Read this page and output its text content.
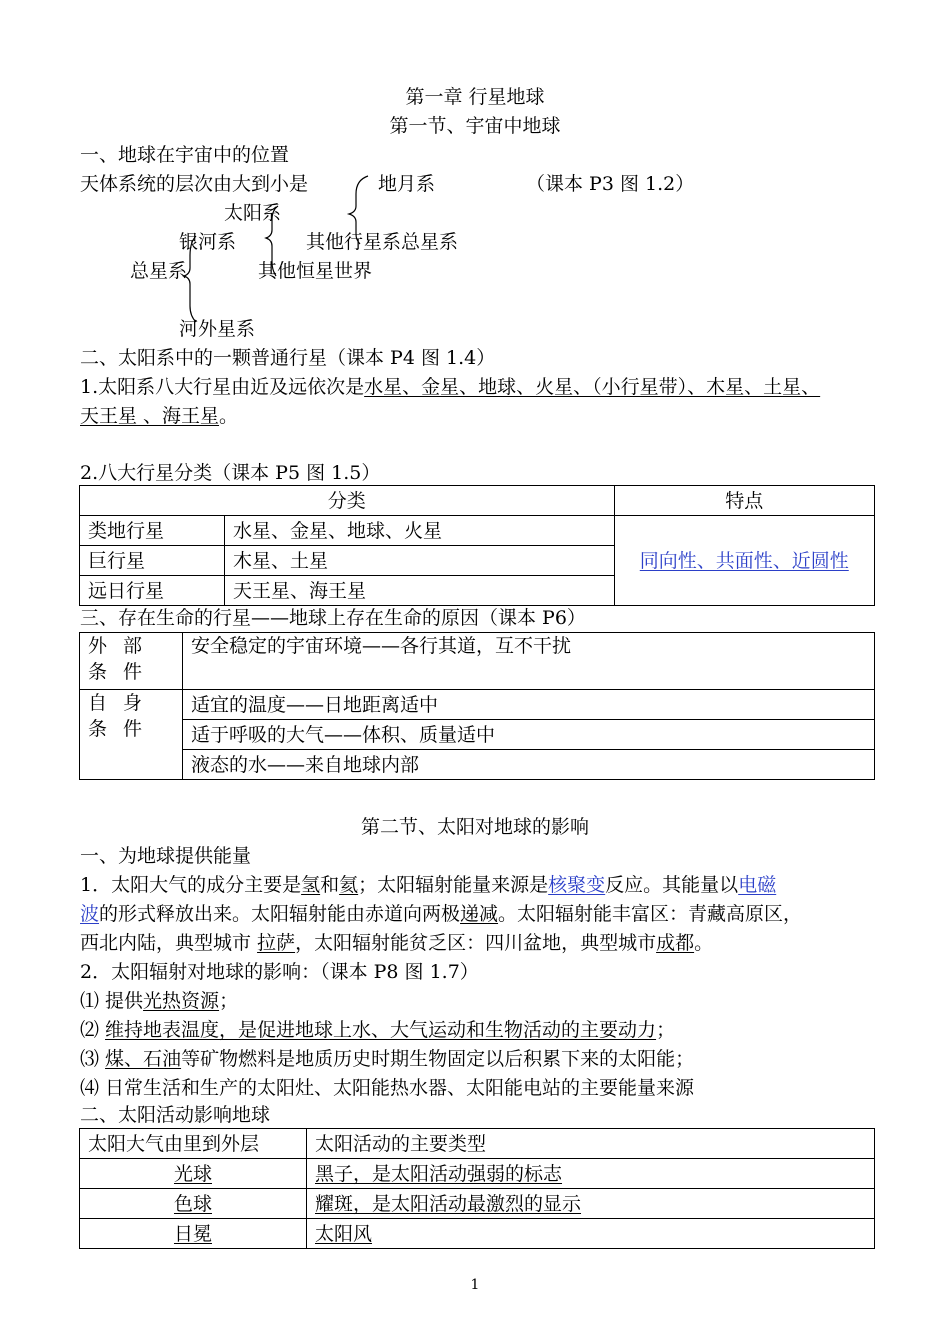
第一章 行星地球
第一节、宇宙中地球
一、地球在宇宙中的位置
天体系统的层次由大到小是	地月系	（课本 P3 图 1.2）
太阳系
银河系	其他行星系总星系
总星系	其他恒星世界
河外星系
二、太阳系中的一颗普通行星（课本 P4 图 1.4）
1.太阳系八大行星由近及远依次是水星、金星、地球、火星、（小行星带）、木星、土星、
天王星 、海王星。
2.八大行星分类（课本 P5 图 1.5）
分类		特点
类地行星	水星、金星、地球、火星	同向性、共面性、近圆性
巨行星	木星、土星	
远日行星	天王星、海王星	
三、存在生命的行星——地球上存在生命的原因（课本 P6）
外 部 条 件	安全稳定的宇宙环境——各行其道，互不干扰
自 身 条 件	适宜的温度——日地距离适中
	适于呼吸的大气——体积、质量适中
	液态的水——来自地球内部
第二节、太阳对地球的影响
一、为地球提供能量
1．太阳大气的成分主要是氢和氦；太阳辐射能量来源是核聚变反应。其能量以电磁
波的形式释放出来。太阳辐射能由赤道向两极递减。太阳辐射能丰富区：青藏高原区，
西北内陆，典型城市 拉萨，太阳辐射能贫乏区：四川盆地，典型城市成都。
2．太阳辐射对地球的影响：（课本 P8 图 1.7）
⑴ 提供光热资源；
⑵ 维持地表温度，是促进地球上水、大气运动和生物活动的主要动力；
⑶ 煤、石油等矿物燃料是地质历史时期生物固定以后积累下来的太阳能；
⑷ 日常生活和生产的太阳灶、太阳能热水器、太阳能电站的主要能量来源
二、太阳活动影响地球
太阳大气由里到外层	太阳活动的主要类型
光球	黑子，是太阳活动强弱的标志
色球	耀斑，是太阳活动最激烈的显示
日冕	太阳风
1
